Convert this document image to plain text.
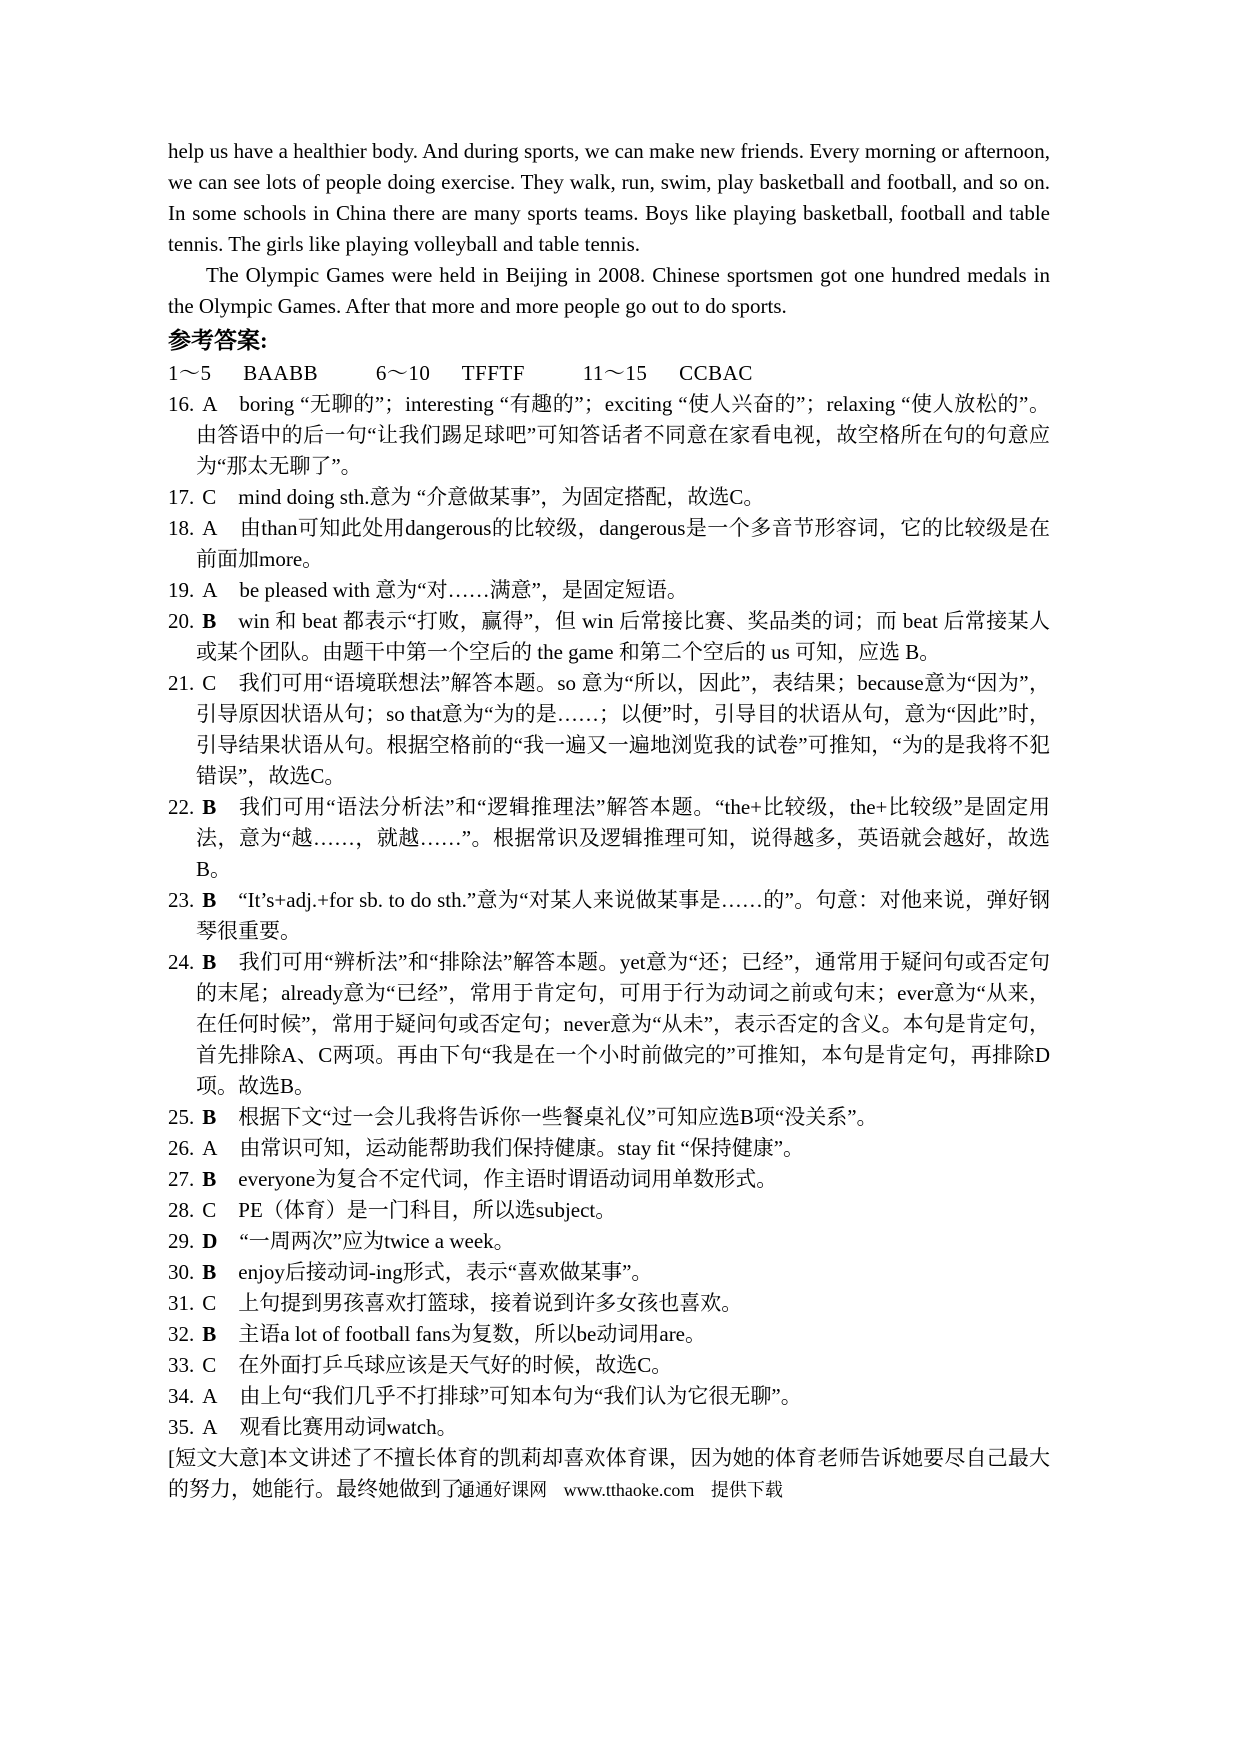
help us have a healthier body. And during sports, we can make new friends. Every morning or afternoon, we can see lots of people doing exercise. They walk, run, swim, play basketball and football, and so on. In some schools in China there are many sports teams. Boys like playing basketball, football and table tennis. The girls like playing volleyball and table tennis.

The Olympic Games were held in Beijing in 2008. Chinese sportsmen got one hundred medals in the Olympic Games. After that more and more people go out to do sports.

参考答案:
1～5 BAABB	6～10 TFFTF	11～15 CCBAC
16. A boring “无聊的”；interesting “有趣的”；exciting “使人兴奋的”；relaxing “使人放松的”。由答语中的后一句“让我们踢足球吧”可知答话者不同意在家看电视，故空格所在句的句意应为“那太无聊了”。
17. C mind doing sth.意为 “介意做某事”，为固定搭配，故选C。
18. A 由than可知此处用dangerous的比较级，dangerous是一个多音节形容词，它的比较级是在前面加more。
19. A be pleased with 意为“对……满意”，是固定短语。
20. B win 和 beat 都表示“打败，赢得”，但 win 后常接比赛、奖品类的词；而 beat 后常接某人或某个团队。由题干中第一个空后的 the game 和第二个空后的 us 可知，应选 B。
21. C 我们可用“语境联想法”解答本题。so 意为“所以，因此”，表结果；because意为“因为”，引导原因状语从句；so that意为“为的是……；以便”时，引导目的状语从句，意为“因此”时，引导结果状语从句。根据空格前的“我一遍又一遍地浏览我的试卷”可推知，“为的是我将不犯错误”，故选C。
22. B 我们可用“语法分析法”和“逻辑推理法”解答本题。“the+比较级，the+比较级”是固定用法，意为“越……，就越……”。根据常识及逻辑推理可知，说得越多，英语就会越好，故选B。
23. B “It’s+adj.+for sb. to do sth.”意为“对某人来说做某事是……的”。句意：对他来说，弹好钢琴很重要。
24. B 我们可用“辨析法”和“排除法”解答本题。yet意为“还；已经”，通常用于疑问句或否定句的末尾；already意为“已经”，常用于肯定句，可用于行为动词之前或句末；ever意为“从来，在任何时候”，常用于疑问句或否定句；never意为“从未”，表示否定的含义。本句是肯定句，首先排除A、C两项。再由下句“我是在一个小时前做完的”可推知，本句是肯定句，再排除D项。故选B。
25. B 根据下文“过一会儿我将告诉你一些餐桌礼仪”可知应选B项“没关系”。
26. A 由常识可知，运动能帮助我们保持健康。stay fit “保持健康”。
27. B everyone为复合不定代词，作主语时谓语动词用单数形式。
28. C PE（体育）是一门科目，所以选subject。
29. D “一周两次”应为twice a week。
30. B enjoy后接动词-ing形式，表示“喜欢做某事”。
31. C 上句提到男孩喜欢打篮球，接着说到许多女孩也喜欢。
32. B 主语a lot of football fans为复数，所以be动词用are。
33. C 在外面打乒乓球应该是天气好的时候，故选C。
34. A 由上句“我们几乎不打排球”可知本句为“我们认为它很无聊”。
35. A 观看比赛用动词watch。

[短文大意]本文讲述了不擅长体育的凯莉却喜欢体育课，因为她的体育老师告诉她要尽自己最大的努力，她能行。最终她做到了。

通通好课网 www.tthaoke.com 提供下载
